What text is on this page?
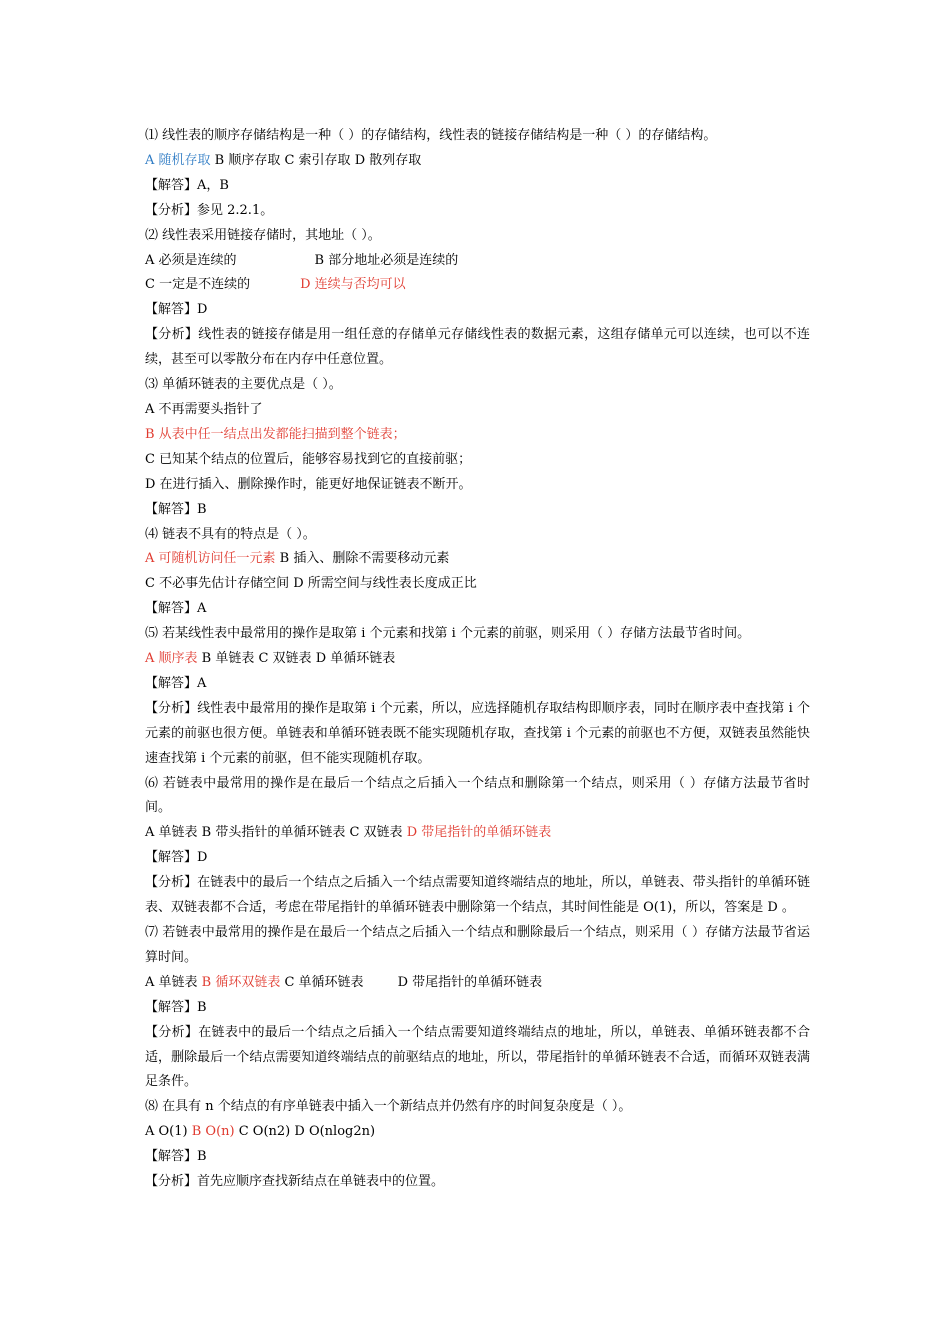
⑴ 线性表的顺序存储结构是一种（ ）的存储结构，线性表的链接存储结构是一种（ ）的存储结构。
A 随机存取 B 顺序存取 C 索引存取 D 散列存取
【解答】A，B
【分析】参见 2.2.1。
⑵ 线性表采用链接存储时，其地址（ ）。
A 必须是连续的	B 部分地址必须是连续的
C 一定是不连续的	D 连续与否均可以
【解答】D
【分析】线性表的链接存储是用一组任意的存储单元存储线性表的数据元素，这组存储单元可以连续，也可以不连续，甚至可以零散分布在内存中任意位置。
⑶ 单循环链表的主要优点是（ ）。
A 不再需要头指针了
B 从表中任一结点出发都能扫描到整个链表；
C 已知某个结点的位置后，能够容易找到它的直接前驱；
D 在进行插入、删除操作时，能更好地保证链表不断开。
【解答】B
⑷ 链表不具有的特点是（ ）。
A 可随机访问任一元素 B 插入、删除不需要移动元素
C 不必事先估计存储空间 D 所需空间与线性表长度成正比
【解答】A
⑸ 若某线性表中最常用的操作是取第 i 个元素和找第 i 个元素的前驱，则采用（ ）存储方法最节省时间。
A 顺序表 B 单链表 C 双链表 D 单循环链表
【解答】A
【分析】线性表中最常用的操作是取第 i 个元素，所以，应选择随机存取结构即顺序表，同时在顺序表中查找第 i 个元素的前驱也很方便。单链表和单循环链表既不能实现随机存取，查找第 i 个元素的前驱也不方便，双链表虽然能快速查找第 i 个元素的前驱，但不能实现随机存取。
⑹ 若链表中最常用的操作是在最后一个结点之后插入一个结点和删除第一个结点，则采用（ ）存储方法最节省时间。
A 单链表 B 带头指针的单循环链表 C 双链表 D 带尾指针的单循环链表
【解答】D
【分析】在链表中的最后一个结点之后插入一个结点需要知道终端结点的地址，所以，单链表、带头指针的单循环链表、双链表都不合适，考虑在带尾指针的单循环链表中删除第一个结点，其时间性能是 O(1)，所以，答案是 D 。
⑺ 若链表中最常用的操作是在最后一个结点之后插入一个结点和删除最后一个结点，则采用（ ）存储方法最节省运算时间。
A 单链表 B 循环双链表 C 单循环链表	D 带尾指针的单循环链表
【解答】B
【分析】在链表中的最后一个结点之后插入一个结点需要知道终端结点的地址，所以，单链表、单循环链表都不合适，删除最后一个结点需要知道终端结点的前驱结点的地址，所以，带尾指针的单循环链表不合适，而循环双链表满足条件。
⑻ 在具有 n 个结点的有序单链表中插入一个新结点并仍然有序的时间复杂度是（ ）。
A O(1) B O(n) C O(n2) D O(nlog2n)
【解答】B
【分析】首先应顺序查找新结点在单链表中的位置。
